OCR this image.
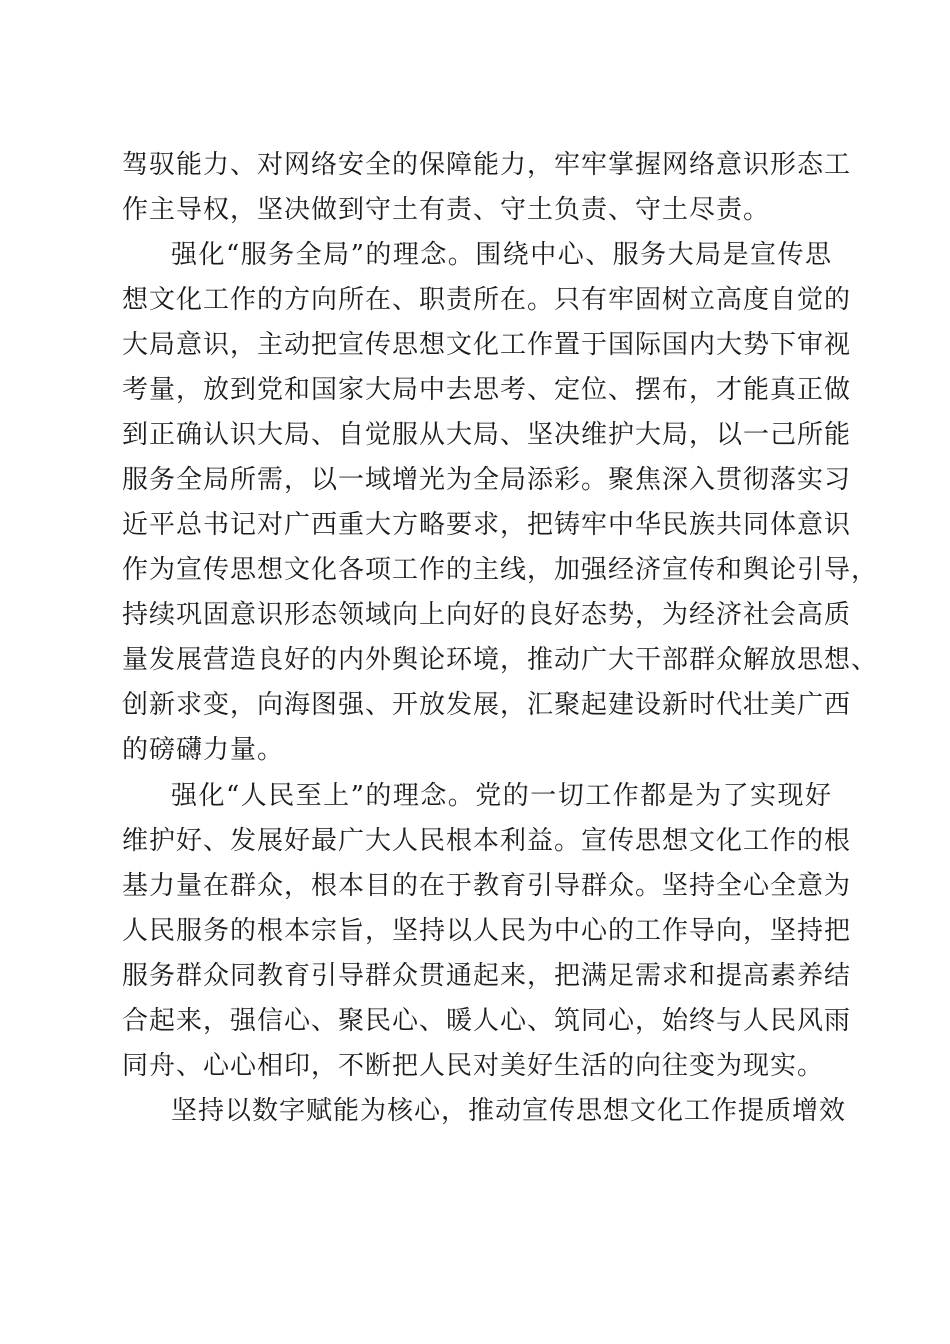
驾驭能力、对网络安全的保障能力，牢牢掌握网络意识形态工
作主导权，坚决做到守土有责、守土负责、守土尽责。
强化“服务全局”的理念。围绕中心、服务大局是宣传思
想文化工作的方向所在、职责所在。只有牢固树立高度自觉的
大局意识，主动把宣传思想文化工作置于国际国内大势下审视
考量，放到党和国家大局中去思考、定位、摆布，才能真正做
到正确认识大局、自觉服从大局、坚决维护大局，以一己所能
服务全局所需，以一域增光为全局添彩。聚焦深入贯彻落实习
近平总书记对广西重大方略要求，把铸牢中华民族共同体意识
作为宣传思想文化各项工作的主线，加强经济宣传和舆论引导，
持续巩固意识形态领域向上向好的良好态势，为经济社会高质
量发展营造良好的内外舆论环境，推动广大干部群众解放思想、
创新求变，向海图强、开放发展，汇聚起建设新时代壮美广西
的磅礴力量。
强化“人民至上”的理念。党的一切工作都是为了实现好
维护好、发展好最广大人民根本利益。宣传思想文化工作的根
基力量在群众，根本目的在于教育引导群众。坚持全心全意为
人民服务的根本宗旨，坚持以人民为中心的工作导向，坚持把
服务群众同教育引导群众贯通起来，把满足需求和提高素养结
合起来，强信心、聚民心、暖人心、筑同心，始终与人民风雨
同舟、心心相印，不断把人民对美好生活的向往变为现实。
坚持以数字赋能为核心，推动宣传思想文化工作提质增效
